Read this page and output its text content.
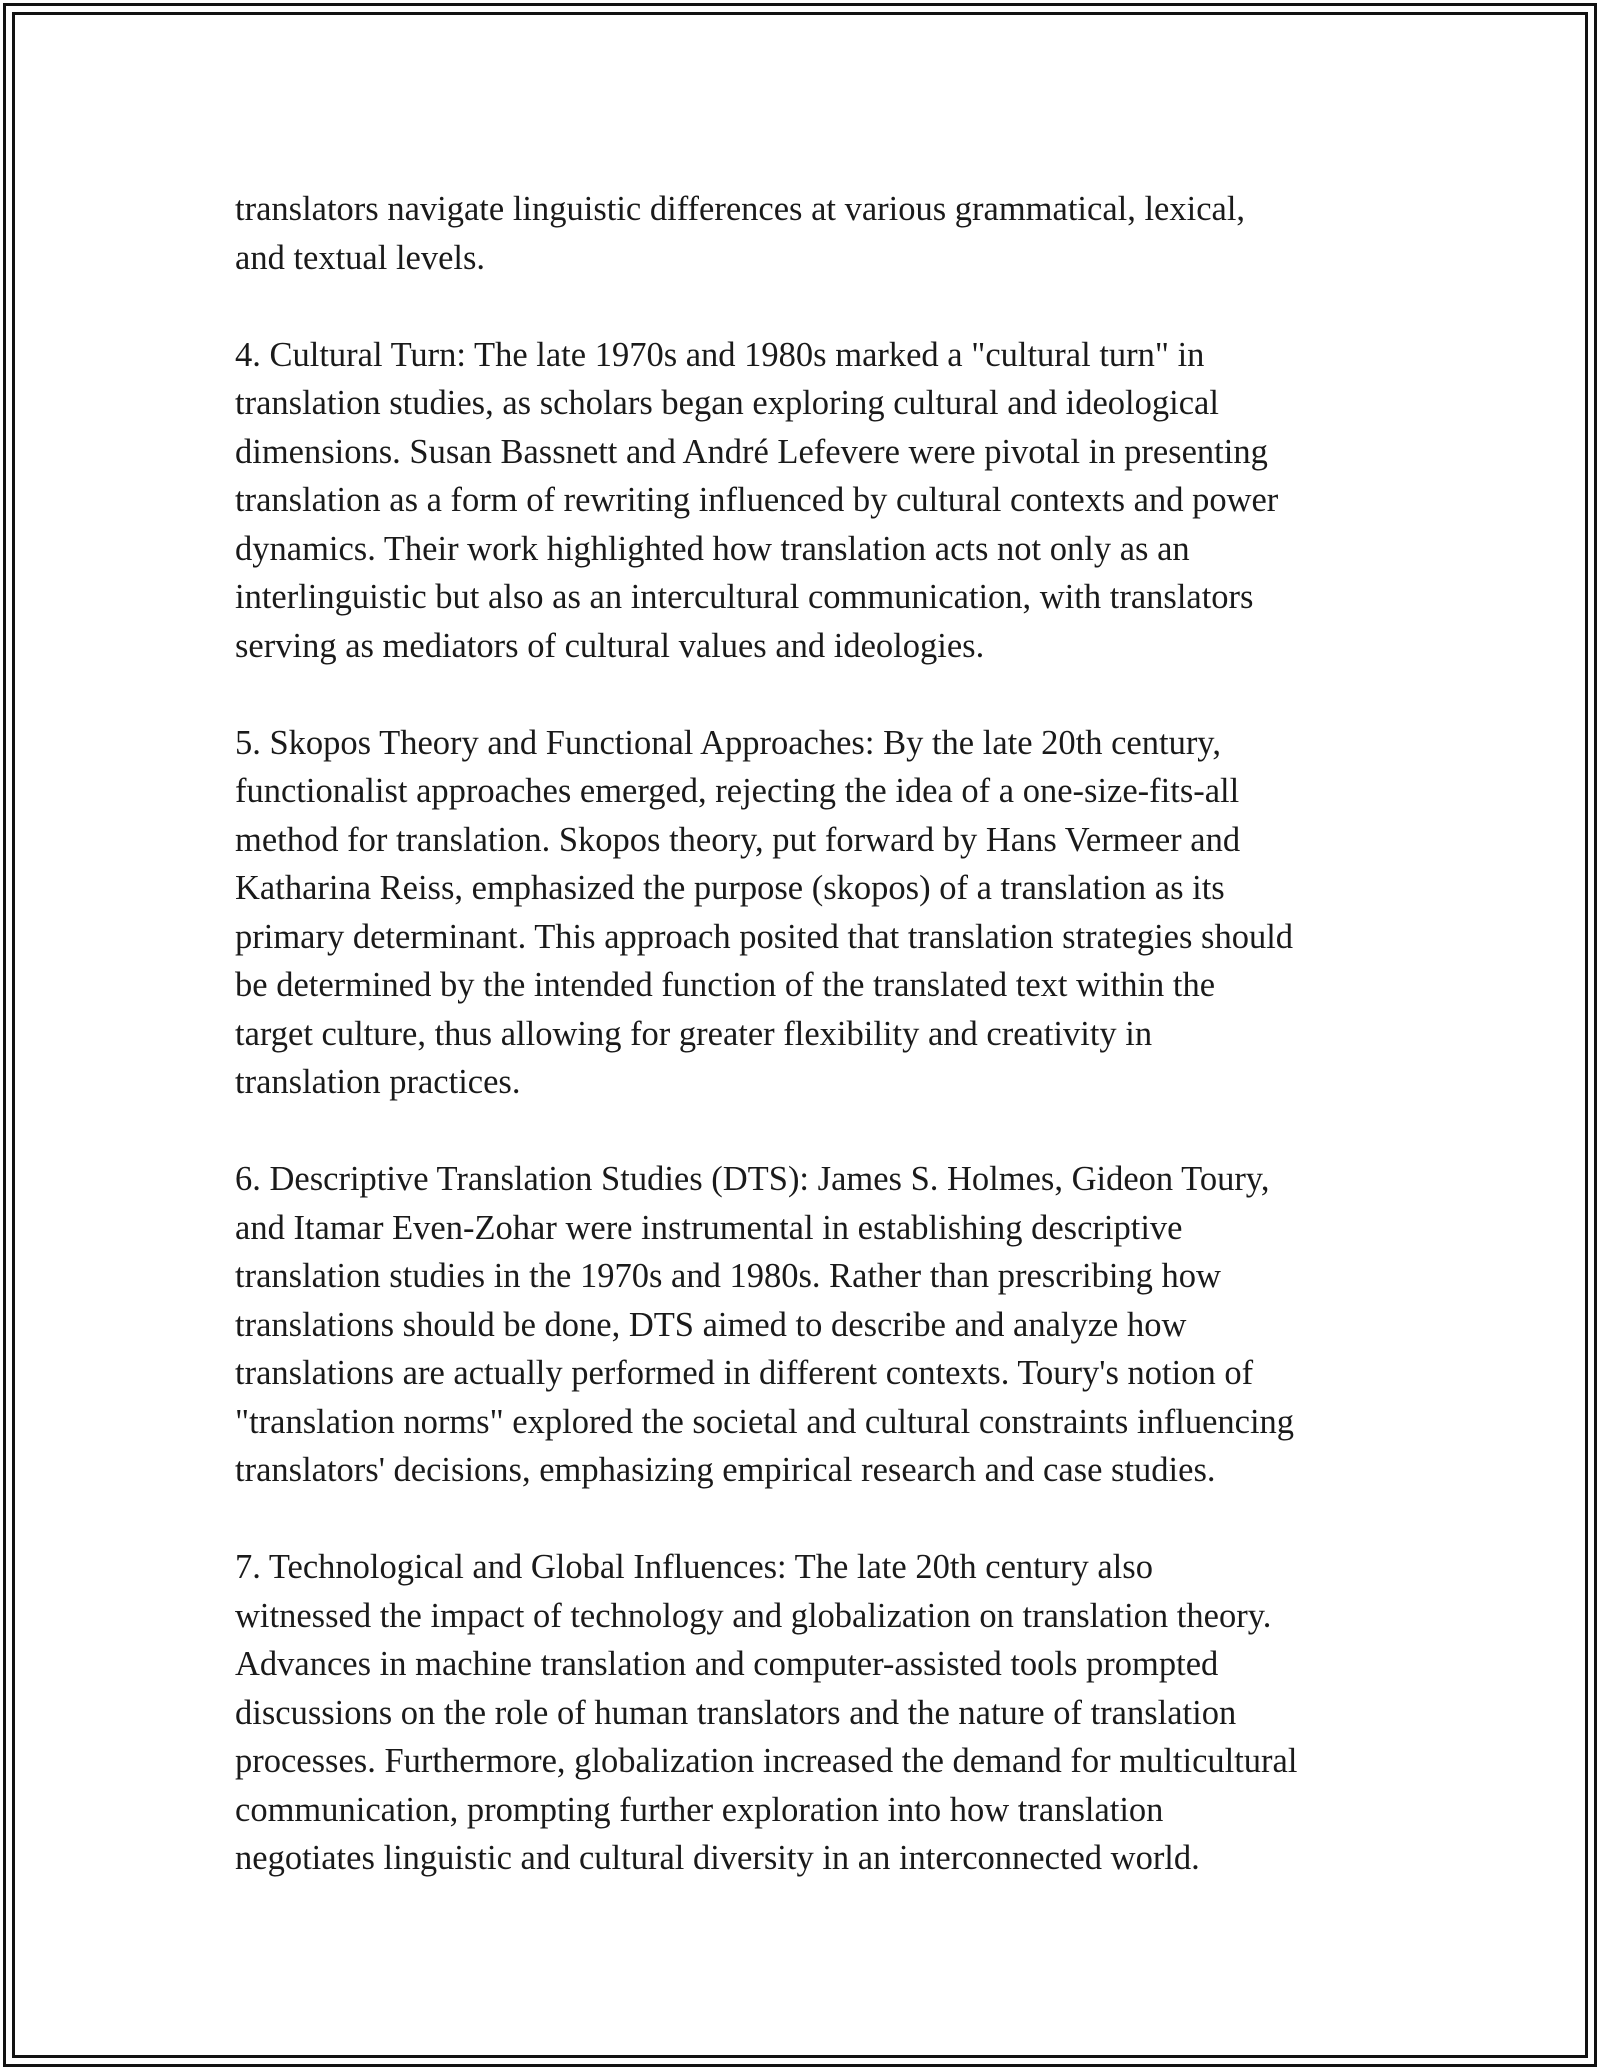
translators navigate linguistic differences at various grammatical, lexical,
and textual levels.
4. Cultural Turn: The late 1970s and 1980s marked a "cultural turn" in
translation studies, as scholars began exploring cultural and ideological
dimensions. Susan Bassnett and André Lefevere were pivotal in presenting
translation as a form of rewriting influenced by cultural contexts and power
dynamics. Their work highlighted how translation acts not only as an
interlinguistic but also as an intercultural communication, with translators
serving as mediators of cultural values and ideologies.
5. Skopos Theory and Functional Approaches: By the late 20th century,
functionalist approaches emerged, rejecting the idea of a one-size-fits-all
method for translation. Skopos theory, put forward by Hans Vermeer and
Katharina Reiss, emphasized the purpose (skopos) of a translation as its
primary determinant. This approach posited that translation strategies should
be determined by the intended function of the translated text within the
target culture, thus allowing for greater flexibility and creativity in
translation practices.
6. Descriptive Translation Studies (DTS): James S. Holmes, Gideon Toury,
and Itamar Even-Zohar were instrumental in establishing descriptive
translation studies in the 1970s and 1980s. Rather than prescribing how
translations should be done, DTS aimed to describe and analyze how
translations are actually performed in different contexts. Toury's notion of
"translation norms" explored the societal and cultural constraints influencing
translators' decisions, emphasizing empirical research and case studies.
7. Technological and Global Influences: The late 20th century also
witnessed the impact of technology and globalization on translation theory.
Advances in machine translation and computer-assisted tools prompted
discussions on the role of human translators and the nature of translation
processes. Furthermore, globalization increased the demand for multicultural
communication, prompting further exploration into how translation
negotiates linguistic and cultural diversity in an interconnected world.
